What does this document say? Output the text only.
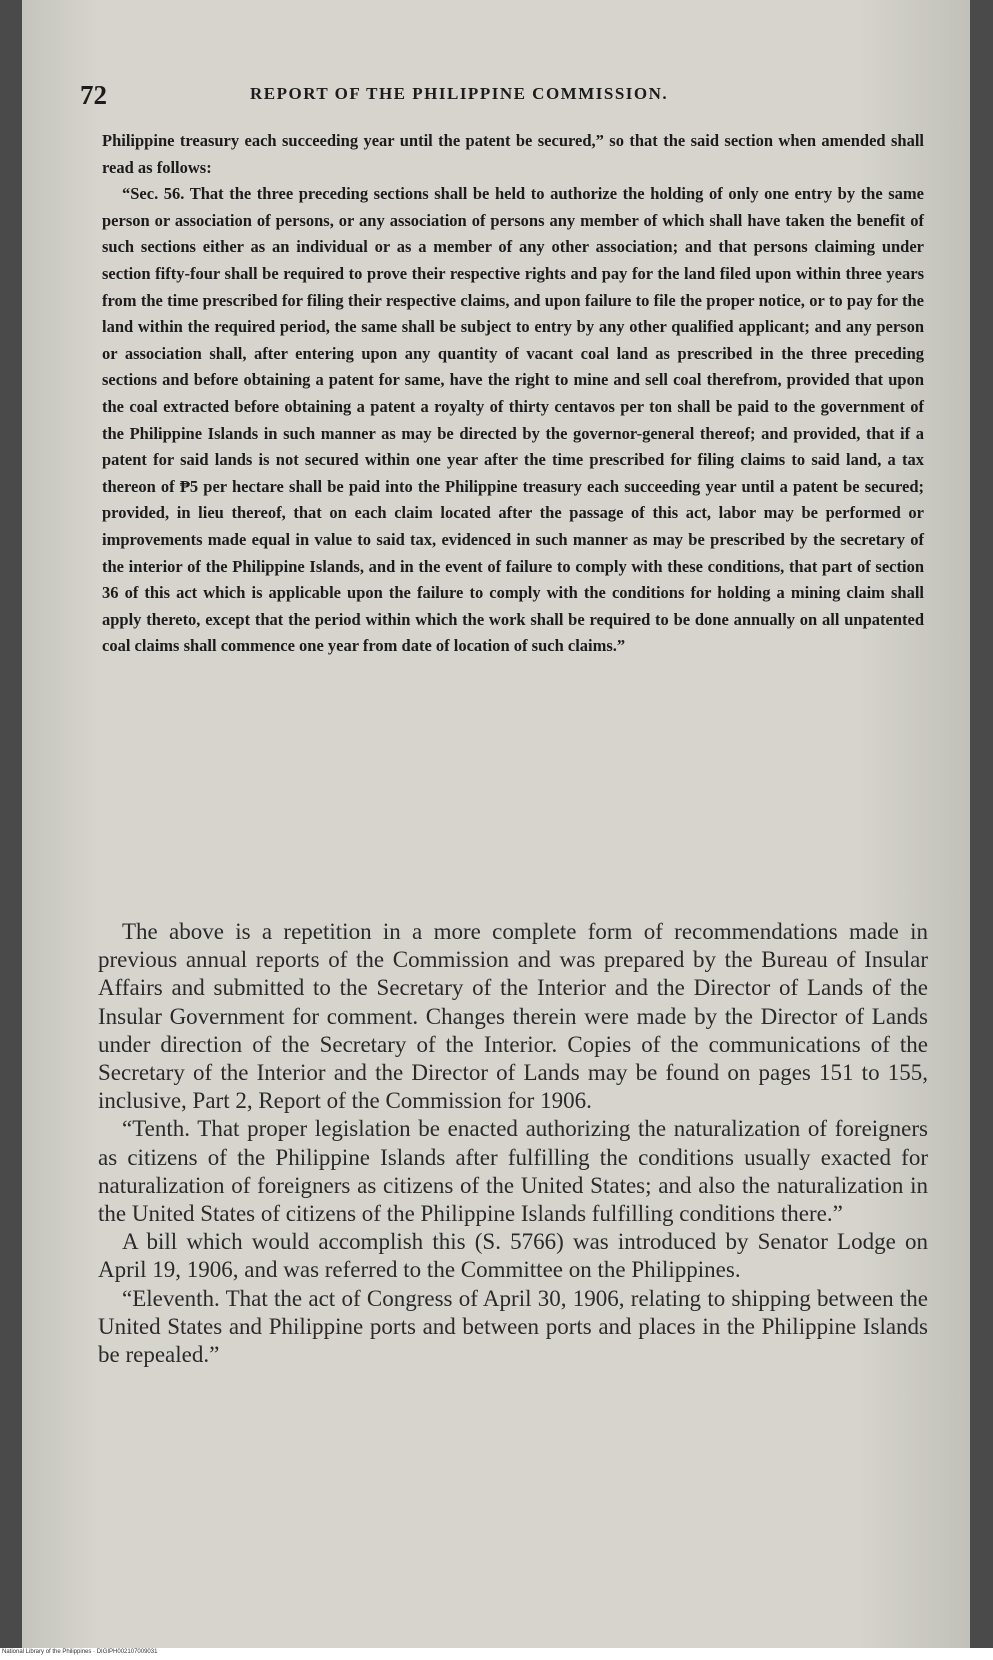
72	REPORT OF THE PHILIPPINE COMMISSION.

Philippine treasury each succeeding year until the patent be secured,” so that the said section when amended shall read as follows:

“Sec. 56. That the three preceding sections shall be held to authorize the holding of only one entry by the same person or association of persons, or any association of persons any member of which shall have taken the benefit of such sections either as an individual or as a member of any other association; and that persons claiming under section fifty-four shall be required to prove their respective rights and pay for the land filed upon within three years from the time prescribed for filing their respective claims, and upon failure to file the proper notice, or to pay for the land within the required period, the same shall be subject to entry by any other qualified applicant; and any person or association shall, after entering upon any quantity of vacant coal land as prescribed in the three preceding sections and before obtaining a patent for same, have the right to mine and sell coal therefrom, provided that upon the coal extracted before obtaining a patent a royalty of thirty centavos per ton shall be paid to the government of the Philippine Islands in such manner as may be directed by the governor-general thereof; and provided, that if a patent for said lands is not secured within one year after the time prescribed for filing claims to said land, a tax thereon of ₱5 per hectare shall be paid into the Philippine treasury each succeeding year until a patent be secured; provided, in lieu thereof, that on each claim located after the passage of this act, labor may be performed or improvements made equal in value to said tax, evidenced in such manner as may be prescribed by the secretary of the interior of the Philippine Islands, and in the event of failure to comply with these conditions, that part of section 36 of this act which is applicable upon the failure to comply with the conditions for holding a mining claim shall apply thereto, except that the period within which the work shall be required to be done annually on all unpatented coal claims shall commence one year from date of location of such claims.”

The above is a repetition in a more complete form of recommendations made in previous annual reports of the Commission and was prepared by the Bureau of Insular Affairs and submitted to the Secretary of the Interior and the Director of Lands of the Insular Government for comment. Changes therein were made by the Director of Lands under direction of the Secretary of the Interior. Copies of the communications of the Secretary of the Interior and the Director of Lands may be found on pages 151 to 155, inclusive, Part 2, Report of the Commission for 1906.

“Tenth. That proper legislation be enacted authorizing the naturalization of foreigners as citizens of the Philippine Islands after fulfilling the conditions usually exacted for naturalization of foreigners as citizens of the United States; and also the naturalization in the United States of citizens of the Philippine Islands fulfilling conditions there.”

A bill which would accomplish this (S. 5766) was introduced by Senator Lodge on April 19, 1906, and was referred to the Committee on the Philippines.

“Eleventh. That the act of Congress of April 30, 1906, relating to shipping between the United States and Philippine ports and between ports and places in the Philippine Islands be repealed.”

National Library of the Philippines · DIGIPH002107009031
